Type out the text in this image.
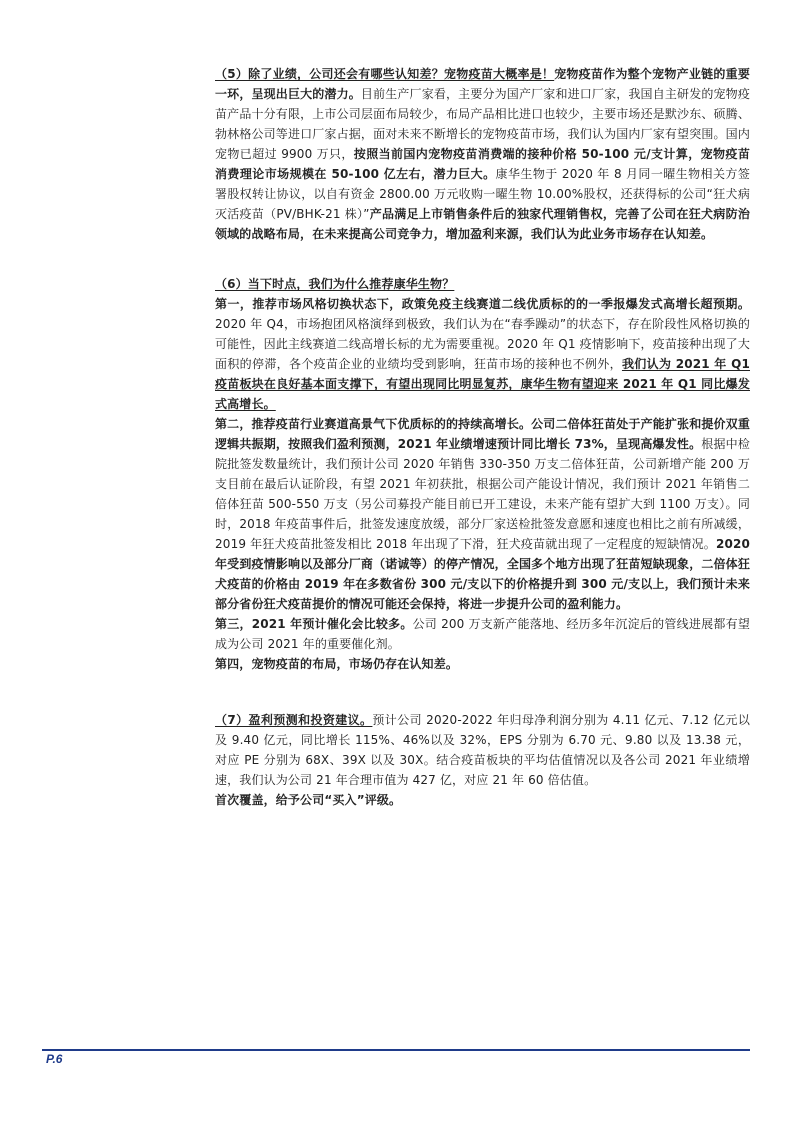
（5）除了业绩，公司还会有哪些认知差？宠物疫苗大概率是！宠物疫苗作为整个宠物产业链的重要一环，呈现出巨大的潜力。目前生产厂家看，主要分为国产厂家和进口厂家，我国自主研发的宠物疫苗产品十分有限，上市公司层面布局较少，布局产品相比进口也较少，主要市场还是默沙东、硕腾、勃林格公司等进口厂家占据，面对未来不断增长的宠物疫苗市场，我们认为国内厂家有望突围。国内宠物已超过 9900 万只，按照当前国内宠物疫苗消费端的接种价格 50-100 元/支计算，宠物疫苗消费理论市场规模在 50-100 亿左右，潜力巨大。康华生物于 2020 年 8 月同一曜生物相关方签署股权转让协议，以自有资金 2800.00 万元收购一曜生物 10.00%股权，还获得标的公司“狂犬病灭活疫苗（PV/BHK-21 株）”产品满足上市销售条件后的独家代理销售权，完善了公司在狂犬病防治领域的战略布局，在未来提高公司竞争力，增加盈利来源，我们认为此业务市场存在认知差。

（6）当下时点，我们为什么推荐康华生物？

第一，推荐市场风格切换状态下，政策免疫主线赛道二线优质标的的一季报爆发式高增长超预期。2020 年 Q4，市场抱团风格演绎到极致，我们认为在“春季躁动”的状态下，存在阶段性风格切换的可能性，因此主线赛道二线高增长标的尤为需要重视。2020 年 Q1 疫情影响下，疫苗接种出现了大面积的停滞，各个疫苗企业的业绩均受到影响，狂苗市场的接种也不例外，我们认为 2021 年 Q1 疫苗板块在良好基本面支撑下，有望出现同比明显复苏，康华生物有望迎来 2021 年 Q1 同比爆发式高增长。

第二，推荐疫苗行业赛道高景气下优质标的的持续高增长。公司二倍体狂苗处于产能扩张和提价双重逻辑共振期，按照我们盈利预测，2021 年业绩增速预计同比增长 73%，呈现高爆发性。根据中检院批签发数量统计，我们预计公司 2020 年销售 330-350 万支二倍体狂苗，公司新增产能 200 万支目前在最后认证阶段，有望 2021 年初获批，根据公司产能设计情况，我们预计 2021 年销售二倍体狂苗 500-550 万支（另公司募投产能目前已开工建设，未来产能有望扩大到 1100 万支）。同时，2018 年疫苗事件后，批签发速度放缓，部分厂家送检批签发意愿和速度也相比之前有所减缓，2019 年狂犬疫苗批签发相比 2018 年出现了下滑，狂犬疫苗就出现了一定程度的短缺情况。2020 年受到疫情影响以及部分厂商（诺诚等）的停产情况，全国多个地方出现了狂苗短缺现象，二倍体狂犬疫苗的价格由 2019 年在多数省份 300 元/支以下的价格提升到 300 元/支以上，我们预计未来部分省份狂犬疫苗提价的情况可能还会保持，将进一步提升公司的盈利能力。

第三，2021 年预计催化会比较多。公司 200 万支新产能落地、经历多年沉淀后的管线进展都有望成为公司 2021 年的重要催化剂。

第四，宠物疫苗的布局，市场仍存在认知差。

（7）盈利预测和投资建议。预计公司 2020-2022 年归母净利润分别为 4.11 亿元、7.12 亿元以及 9.40 亿元，同比增长 115%、46%以及 32%，EPS 分别为 6.70 元、9.80 以及 13.38 元，对应 PE 分别为 68X、39X 以及 30X。结合疫苗板块的平均估值情况以及各公司 2021 年业绩增速，我们认为公司 21 年合理市值为 427 亿，对应 21 年 60 倍估值。

首次覆盖，给予公司“买入”评级。

P.6
